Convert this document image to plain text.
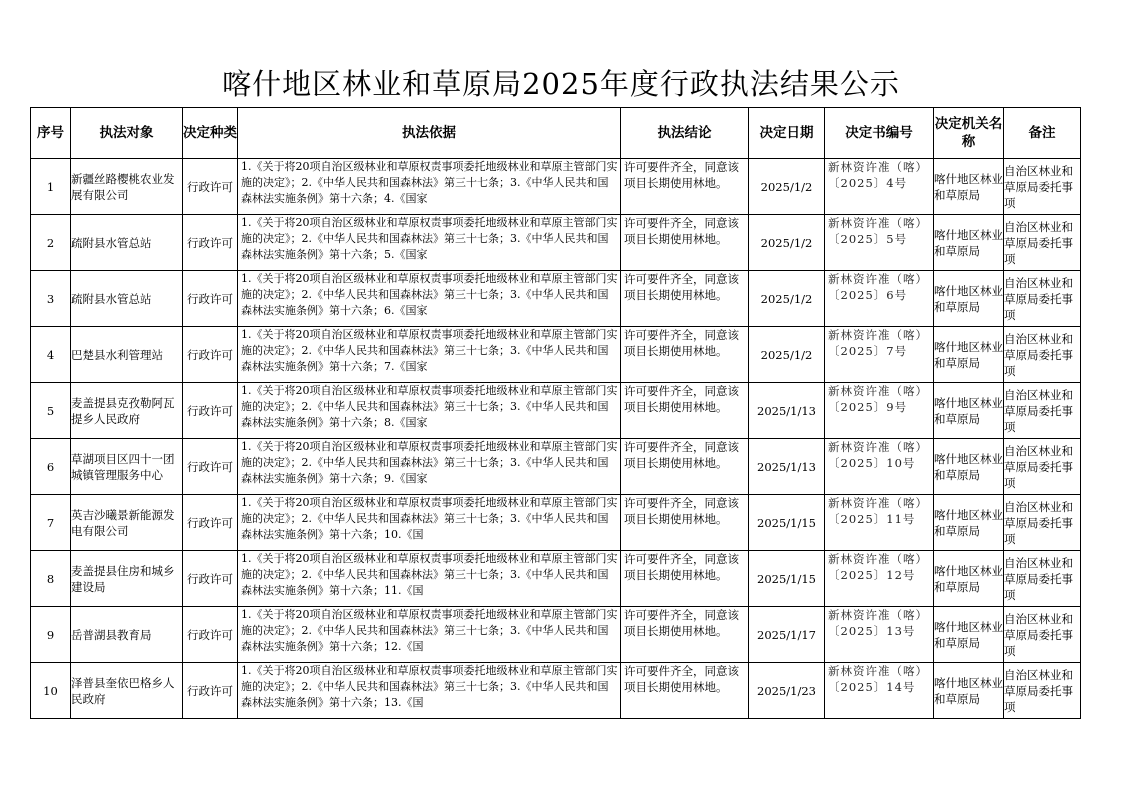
喀什地区林业和草原局2025年度行政执法结果公示
序号	执法对象	决定种类	执法依据	执法结论	决定日期	决定书编号	决定机关名称	备注
1	新疆丝路樱桃农业发展有限公司	行政许可	1.《关于将20项自治区级林业和草原权责事项委托地级林业和草原主管部门实施的决定》；2.《中华人民共和国森林法》第三十七条；3.《中华人民共和国森林法实施条例》第十六条；4.《国家	许可要件齐全，同意该项目长期使用林地。	2025/1/2	新林资许准（喀）〔2025〕4号	喀什地区林业和草原局	自治区林业和草原局委托事项
2	疏附县水管总站	行政许可	1.《关于将20项自治区级林业和草原权责事项委托地级林业和草原主管部门实施的决定》；2.《中华人民共和国森林法》第三十七条；3.《中华人民共和国森林法实施条例》第十六条；5.《国家	许可要件齐全，同意该项目长期使用林地。	2025/1/2	新林资许准（喀）〔2025〕5号	喀什地区林业和草原局	自治区林业和草原局委托事项
3	疏附县水管总站	行政许可	1.《关于将20项自治区级林业和草原权责事项委托地级林业和草原主管部门实施的决定》；2.《中华人民共和国森林法》第三十七条；3.《中华人民共和国森林法实施条例》第十六条；6.《国家	许可要件齐全，同意该项目长期使用林地。	2025/1/2	新林资许准（喀）〔2025〕6号	喀什地区林业和草原局	自治区林业和草原局委托事项
4	巴楚县水利管理站	行政许可	1.《关于将20项自治区级林业和草原权责事项委托地级林业和草原主管部门实施的决定》；2.《中华人民共和国森林法》第三十七条；3.《中华人民共和国森林法实施条例》第十六条；7.《国家	许可要件齐全，同意该项目长期使用林地。	2025/1/2	新林资许准（喀）〔2025〕7号	喀什地区林业和草原局	自治区林业和草原局委托事项
5	麦盖提县克孜勒阿瓦提乡人民政府	行政许可	1.《关于将20项自治区级林业和草原权责事项委托地级林业和草原主管部门实施的决定》；2.《中华人民共和国森林法》第三十七条；3.《中华人民共和国森林法实施条例》第十六条；8.《国家	许可要件齐全，同意该项目长期使用林地。	2025/1/13	新林资许准（喀）〔2025〕9号	喀什地区林业和草原局	自治区林业和草原局委托事项
6	草湖项目区四十一团城镇管理服务中心	行政许可	1.《关于将20项自治区级林业和草原权责事项委托地级林业和草原主管部门实施的决定》；2.《中华人民共和国森林法》第三十七条；3.《中华人民共和国森林法实施条例》第十六条；9.《国家	许可要件齐全，同意该项目长期使用林地。	2025/1/13	新林资许准（喀）〔2025〕10号	喀什地区林业和草原局	自治区林业和草原局委托事项
7	英吉沙曦景新能源发电有限公司	行政许可	1.《关于将20项自治区级林业和草原权责事项委托地级林业和草原主管部门实施的决定》；2.《中华人民共和国森林法》第三十七条；3.《中华人民共和国森林法实施条例》第十六条；10.《国	许可要件齐全，同意该项目长期使用林地。	2025/1/15	新林资许准（喀）〔2025〕11号	喀什地区林业和草原局	自治区林业和草原局委托事项
8	麦盖提县住房和城乡建设局	行政许可	1.《关于将20项自治区级林业和草原权责事项委托地级林业和草原主管部门实施的决定》；2.《中华人民共和国森林法》第三十七条；3.《中华人民共和国森林法实施条例》第十六条；11.《国	许可要件齐全，同意该项目长期使用林地。	2025/1/15	新林资许准（喀）〔2025〕12号	喀什地区林业和草原局	自治区林业和草原局委托事项
9	岳普湖县教育局	行政许可	1.《关于将20项自治区级林业和草原权责事项委托地级林业和草原主管部门实施的决定》；2.《中华人民共和国森林法》第三十七条；3.《中华人民共和国森林法实施条例》第十六条；12.《国	许可要件齐全，同意该项目长期使用林地。	2025/1/17	新林资许准（喀）〔2025〕13号	喀什地区林业和草原局	自治区林业和草原局委托事项
10	泽普县奎依巴格乡人民政府	行政许可	1.《关于将20项自治区级林业和草原权责事项委托地级林业和草原主管部门实施的决定》；2.《中华人民共和国森林法》第三十七条；3.《中华人民共和国森林法实施条例》第十六条；13.《国	许可要件齐全，同意该项目长期使用林地。	2025/1/23	新林资许准（喀）〔2025〕14号	喀什地区林业和草原局	自治区林业和草原局委托事项
